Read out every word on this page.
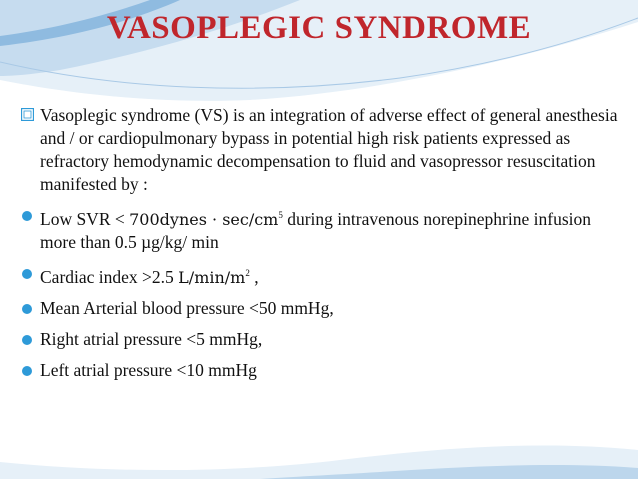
VASOPLEGIC SYNDROME
Vasoplegic syndrome (VS) is an integration of adverse effect of general anesthesia and / or cardiopulmonary bypass in potential high risk patients expressed as refractory hemodynamic decompensation to fluid and vasopressor resuscitation manifested by :
Low SVR < 700dynes · $\sec/cm^5$ during intravenous norepinephrine infusion more than 0.5 µg/kg/ min
Cardiac index >2.5 $L/\min/m^2$ ,
Mean Arterial blood pressure <50 mmHg,
Right atrial pressure <5 mmHg,
Left atrial pressure <10 mmHg
